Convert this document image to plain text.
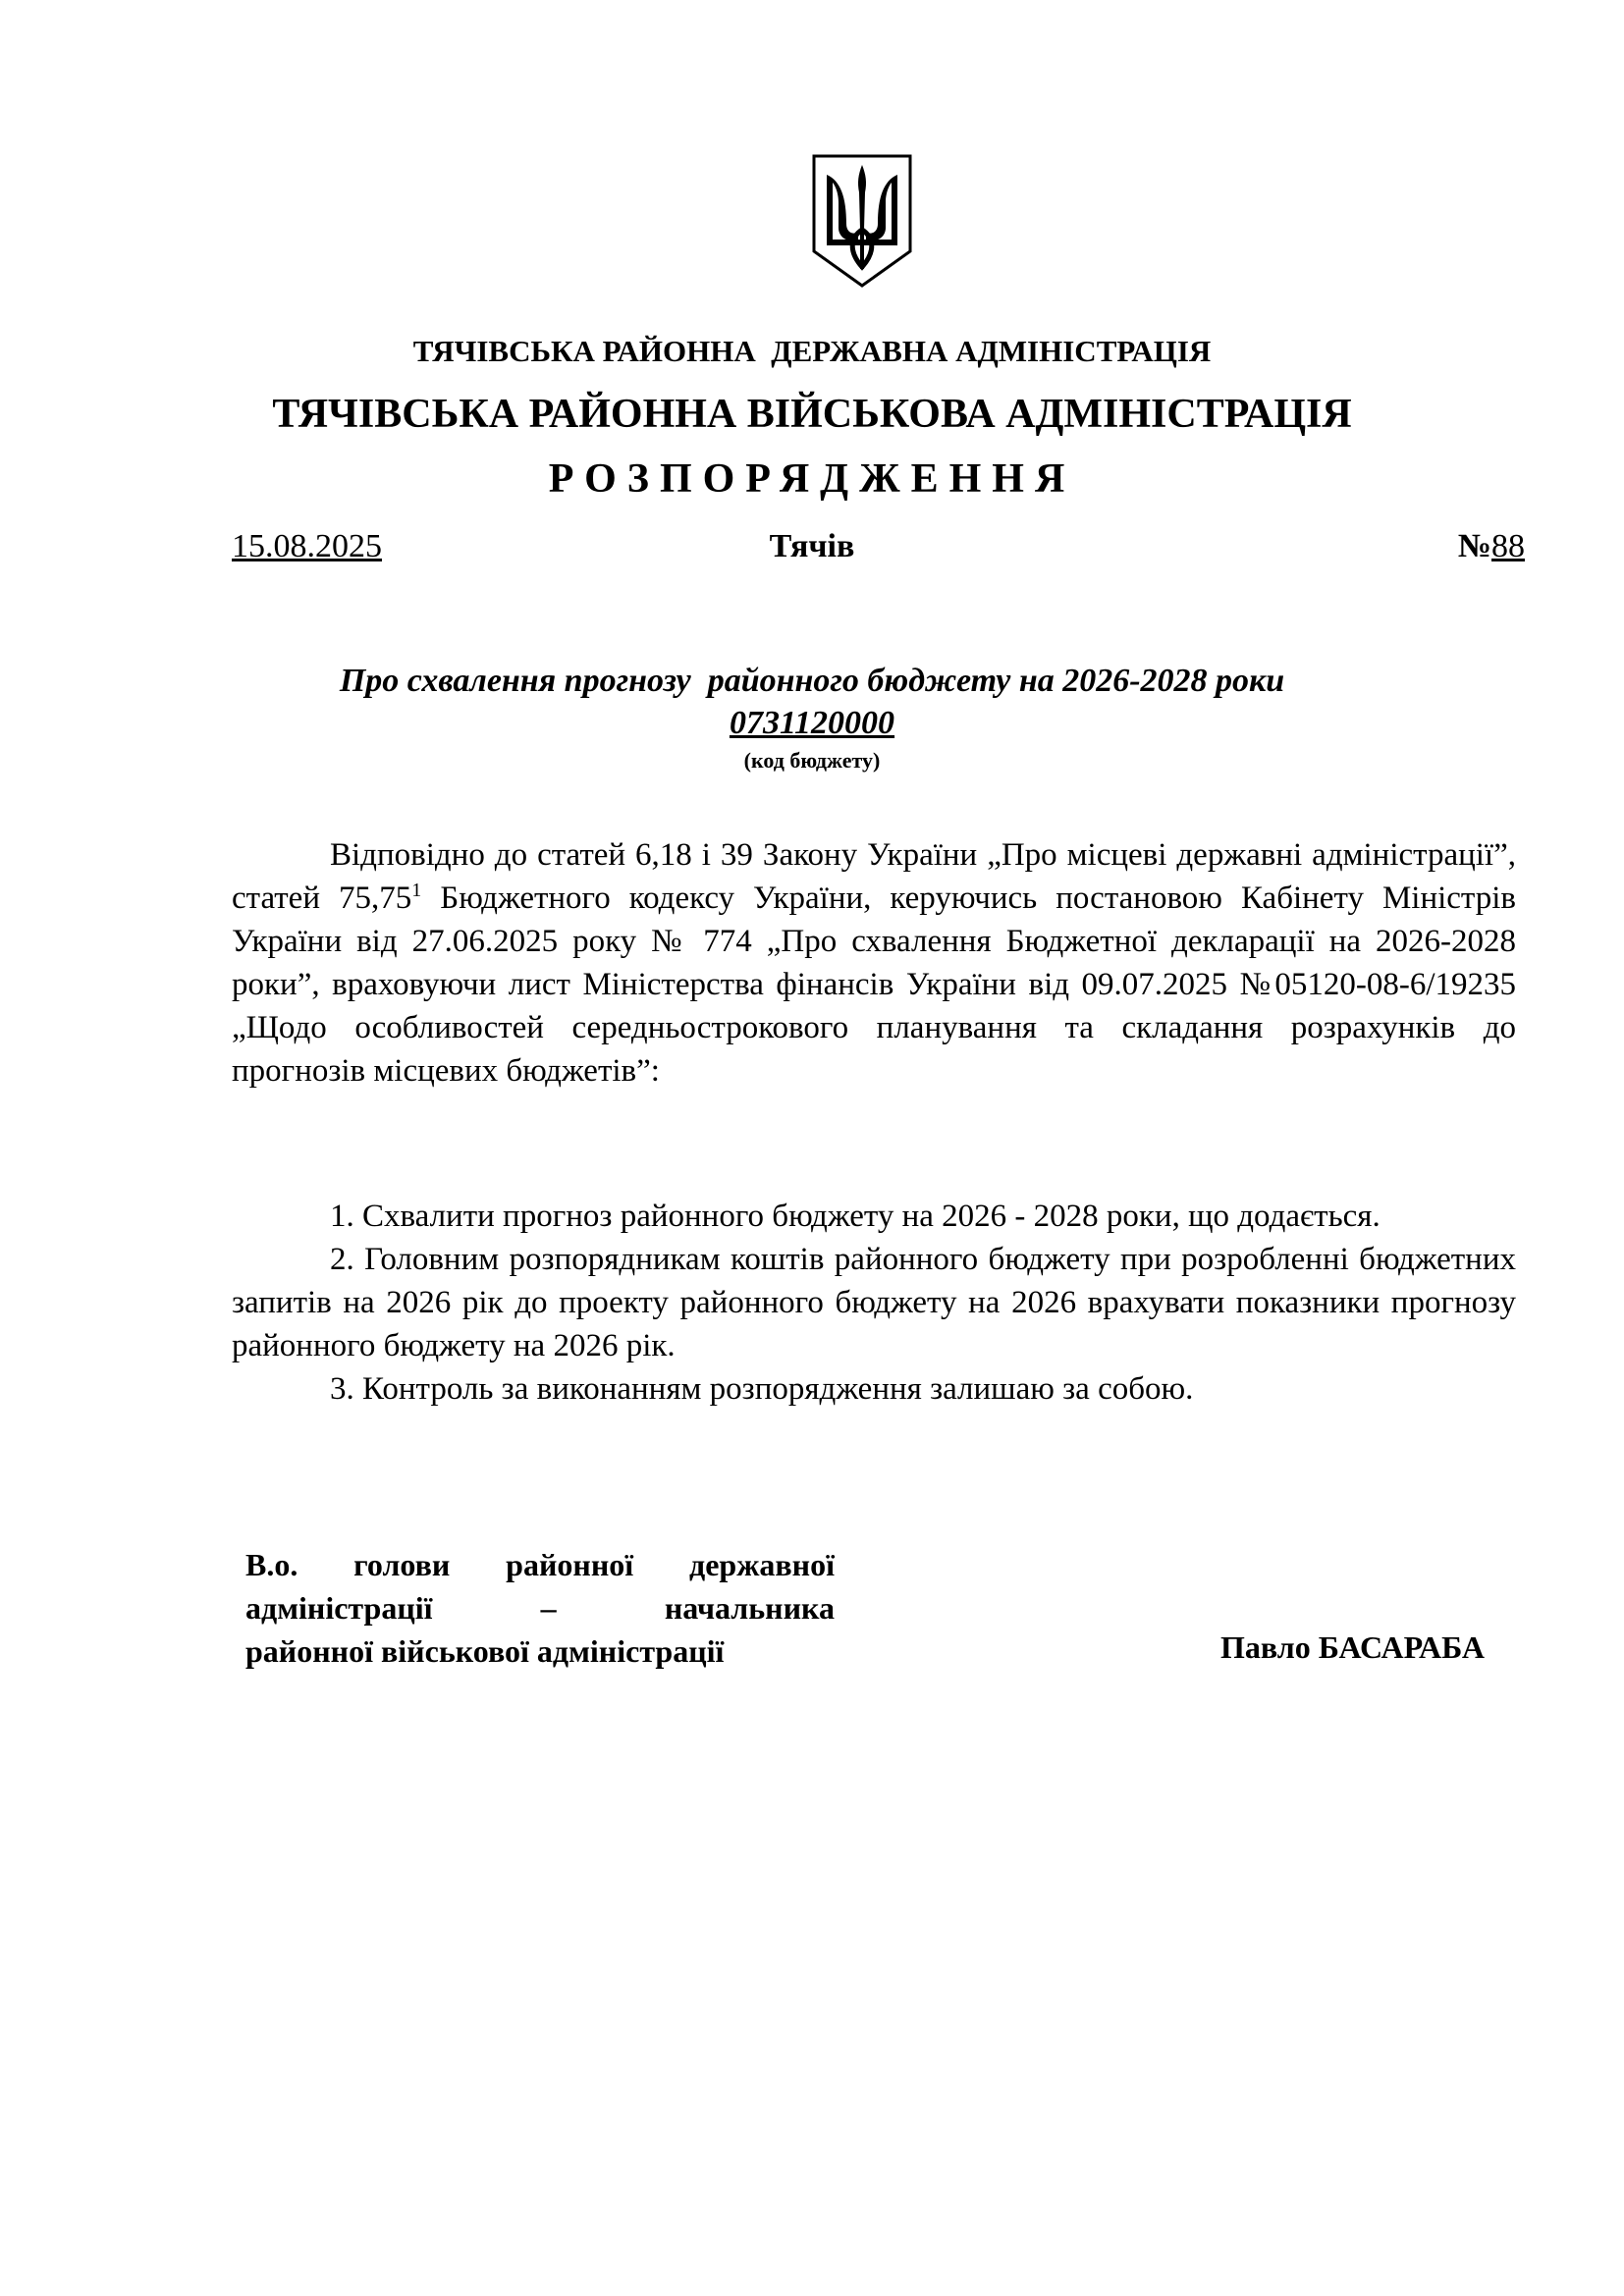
ТЯЧІВСЬКА РАЙОННА  ДЕРЖАВНА АДМІНІСТРАЦІЯ
ТЯЧІВСЬКА РАЙОННА ВІЙСЬКОВА АДМІНІСТРАЦІЯ
РОЗПОРЯДЖЕННЯ
15.08.2025	Тячів	№88
Про схвалення прогнозу  районного бюджету на 2026-2028 роки
0731120000
(код бюджету)

Відповідно до статей 6,18 і 39 Закону України „Про місцеві державні адміністрації”, статей 75,75$^1$ Бюджетного кодексу України, керуючись постановою Кабінету Міністрів України від 27.06.2025 року № 774 „Про схвалення Бюджетної декларації на 2026-2028 роки”, враховуючи лист Міністерства фінансів України від 09.07.2025 №05120-08-6/19235 „Щодо особливостей середньострокового планування та складання розрахунків до прогнозів місцевих бюджетів”:

1. Схвалити прогноз районного бюджету на 2026 - 2028 роки, що додається.

2. Головним розпорядникам коштів районного бюджету при розробленні бюджетних запитів на 2026 рік до проекту районного бюджету на 2026 врахувати показники прогнозу районного бюджету на 2026 рік.

3. Контроль за виконанням розпорядження залишаю за собою.

В.о. голови районної державної
адміністрації – начальника
районної військової адміністрації	Павло БАСАРАБА
